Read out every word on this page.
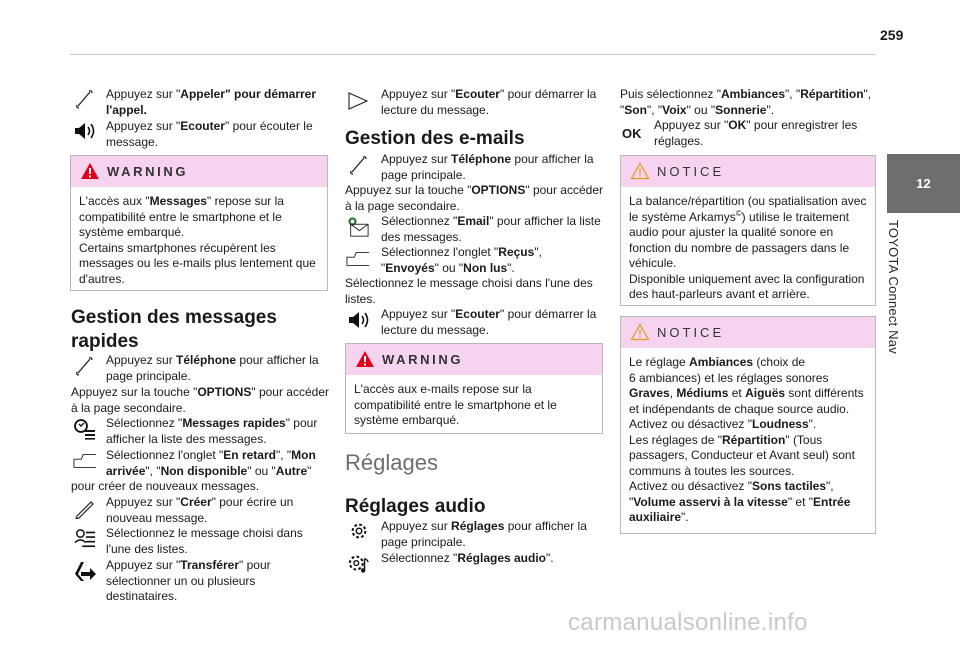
259
12
TOYOTA Connect Nav
Appuyez sur "Appeler" pour démarrer l'appel.
Appuyez sur "Ecouter" pour écouter le message.
WARNING
L'accès aux "Messages" repose sur la compatibilité entre le smartphone et le système embarqué.
Certains smartphones récupèrent les messages ou les e-mails plus lentement que d'autres.
Gestion des messages rapides
Appuyez sur Téléphone pour afficher la page principale.
Appuyez sur la touche "OPTIONS" pour accéder à la page secondaire.
Sélectionnez "Messages rapides" pour afficher la liste des messages.
Sélectionnez l'onglet "En retard", "Mon arrivée", "Non disponible" ou "Autre"
pour créer de nouveaux messages.
Appuyez sur "Créer" pour écrire un nouveau message.
Sélectionnez le message choisi dans l'une des listes.
Appuyez sur "Transférer" pour sélectionner un ou plusieurs destinataires.
Appuyez sur "Ecouter" pour démarrer la lecture du message.
Gestion des e-mails
Appuyez sur Téléphone pour afficher la page principale.
Appuyez sur la touche "OPTIONS" pour accéder à la page secondaire.
Sélectionnez "Email" pour afficher la liste des messages.
Sélectionnez l'onglet "Reçus", "Envoyés" ou "Non lus".
Sélectionnez le message choisi dans l'une des listes.
Appuyez sur "Ecouter" pour démarrer la lecture du message.
WARNING
L'accès aux e-mails repose sur la compatibilité entre le smartphone et le système embarqué.
Réglages
Réglages audio
Appuyez sur Réglages pour afficher la page principale.
Sélectionnez "Réglages audio".
Puis sélectionnez "Ambiances", "Répartition",
"Son", "Voix" ou "Sonnerie".
OK
Appuyez sur "OK" pour enregistrer les réglages.
NOTICE
La balance/répartition (ou spatialisation avec
le système Arkamys©) utilise le traitement
audio pour ajuster la qualité sonore en
fonction du nombre de passagers dans le
véhicule.
Disponible uniquement avec la configuration
des haut-parleurs avant et arrière.
NOTICE
Le réglage Ambiances (choix de
6 ambiances) et les réglages sonores
Graves, Médiums et Aiguës sont différents
et indépendants de chaque source audio.
Activez ou désactivez "Loudness".
Les réglages de "Répartition" (Tous
passagers, Conducteur et Avant seul) sont
communs à toutes les sources.
Activez ou désactivez "Sons tactiles",
"Volume asservi à la vitesse" et "Entrée
auxiliaire".
carmanualsonline.info
